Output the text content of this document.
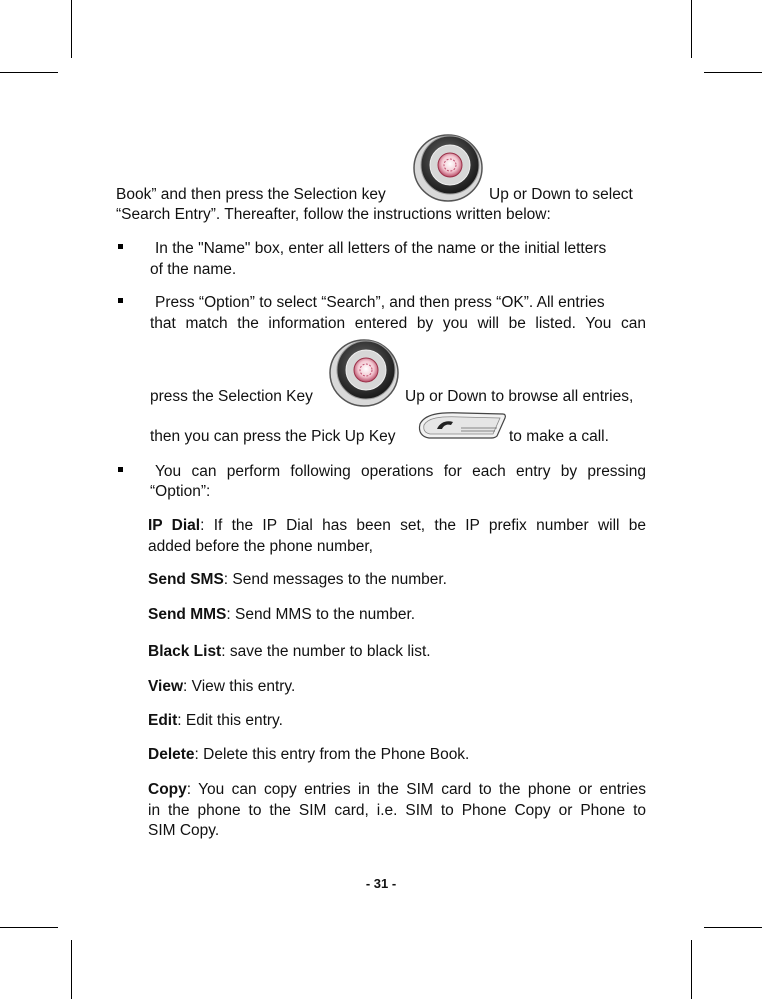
Book” and then press the Selection key	Up or Down to select
“Search Entry”. Thereafter, follow the instructions written below:
In the "Name" box, enter all letters of the name or the initial letters
of the name.
Press “Option” to select “Search”, and then press “OK”. All entries
that match the information entered by you will be listed. You can
press the Selection Key	Up or Down to browse all entries,
then you can press the Pick Up Key	to make a call.
You can perform following operations for each entry by pressing
“Option”:
IP Dial: If the IP Dial has been set, the IP prefix number will be
added before the phone number,
Send SMS: Send messages to the number.
Send MMS: Send MMS to the number.
Black List: save the number to black list.
View: View this entry.
Edit: Edit this entry.
Delete: Delete this entry from the Phone Book.
Copy: You can copy entries in the SIM card to the phone or entries
in the phone to the SIM card, i.e. SIM to Phone Copy or Phone to
SIM Copy.
- 31 -
